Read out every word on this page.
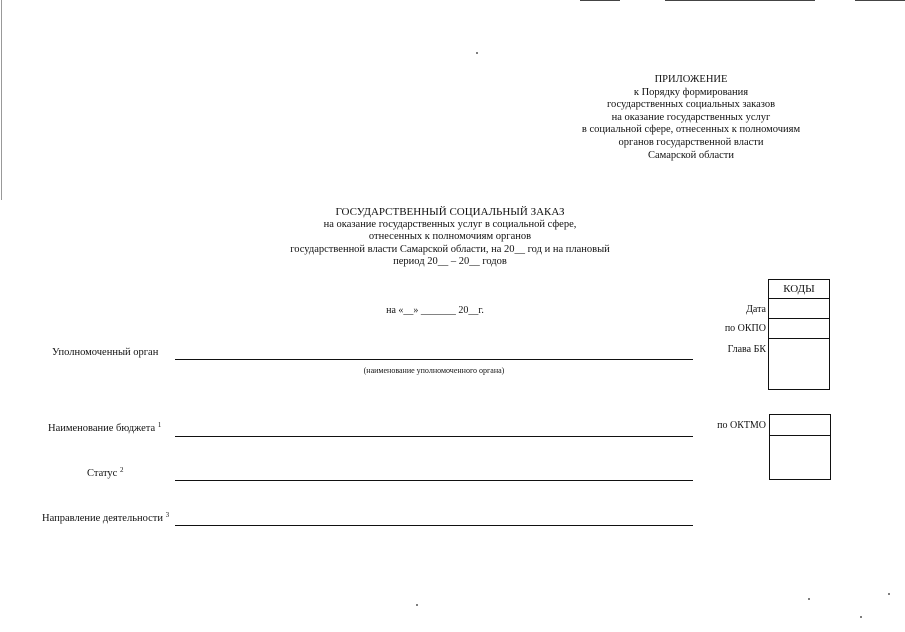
ПРИЛОЖЕНИЕ
к Порядку формирования
государственных социальных заказов
на оказание государственных услуг
в социальной сфере, отнесенных к полномочиям
органов государственной власти
Самарской области
ГОСУДАРСТВЕННЫЙ СОЦИАЛЬНЫЙ ЗАКАЗ
на оказание государственных услуг в социальной сфере,
отнесенных к полномочиям органов
государственной власти Самарской области, на 20__ год и на плановый
период 20__ – 20__ годов
на «__» _______ 20__г.
Уполномоченный орган
(наименование уполномоченного органа)
Наименование бюджета $^1$
Статус $^2$
Направление деятельности $^3$
КОДЫ
Дата
по ОКПО
Глава БК
по ОКТМО
